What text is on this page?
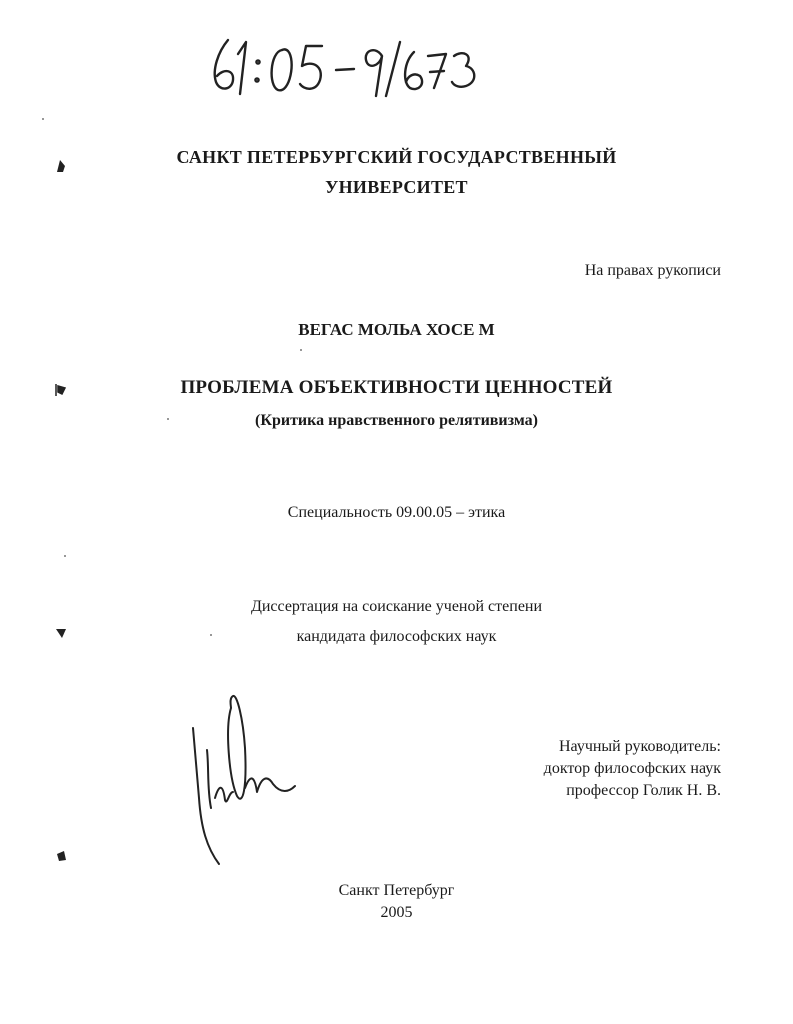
САНКТ ПЕТЕРБУРГСКИЙ ГОСУДАРСТВЕННЫЙ
УНИВЕРСИТЕТ
На правах рукописи
ВЕГАС МОЛЬА ХОСЕ М
ПРОБЛЕМА ОБЪЕКТИВНОСТИ ЦЕННОСТЕЙ
(Критика нравственного релятивизма)
Специальность 09.00.05 – этика
Диссертация на соискание ученой степени
кандидата философских наук
Научный руководитель:
доктор философских наук
профессор Голик Н. В.
Санкт Петербург
2005
